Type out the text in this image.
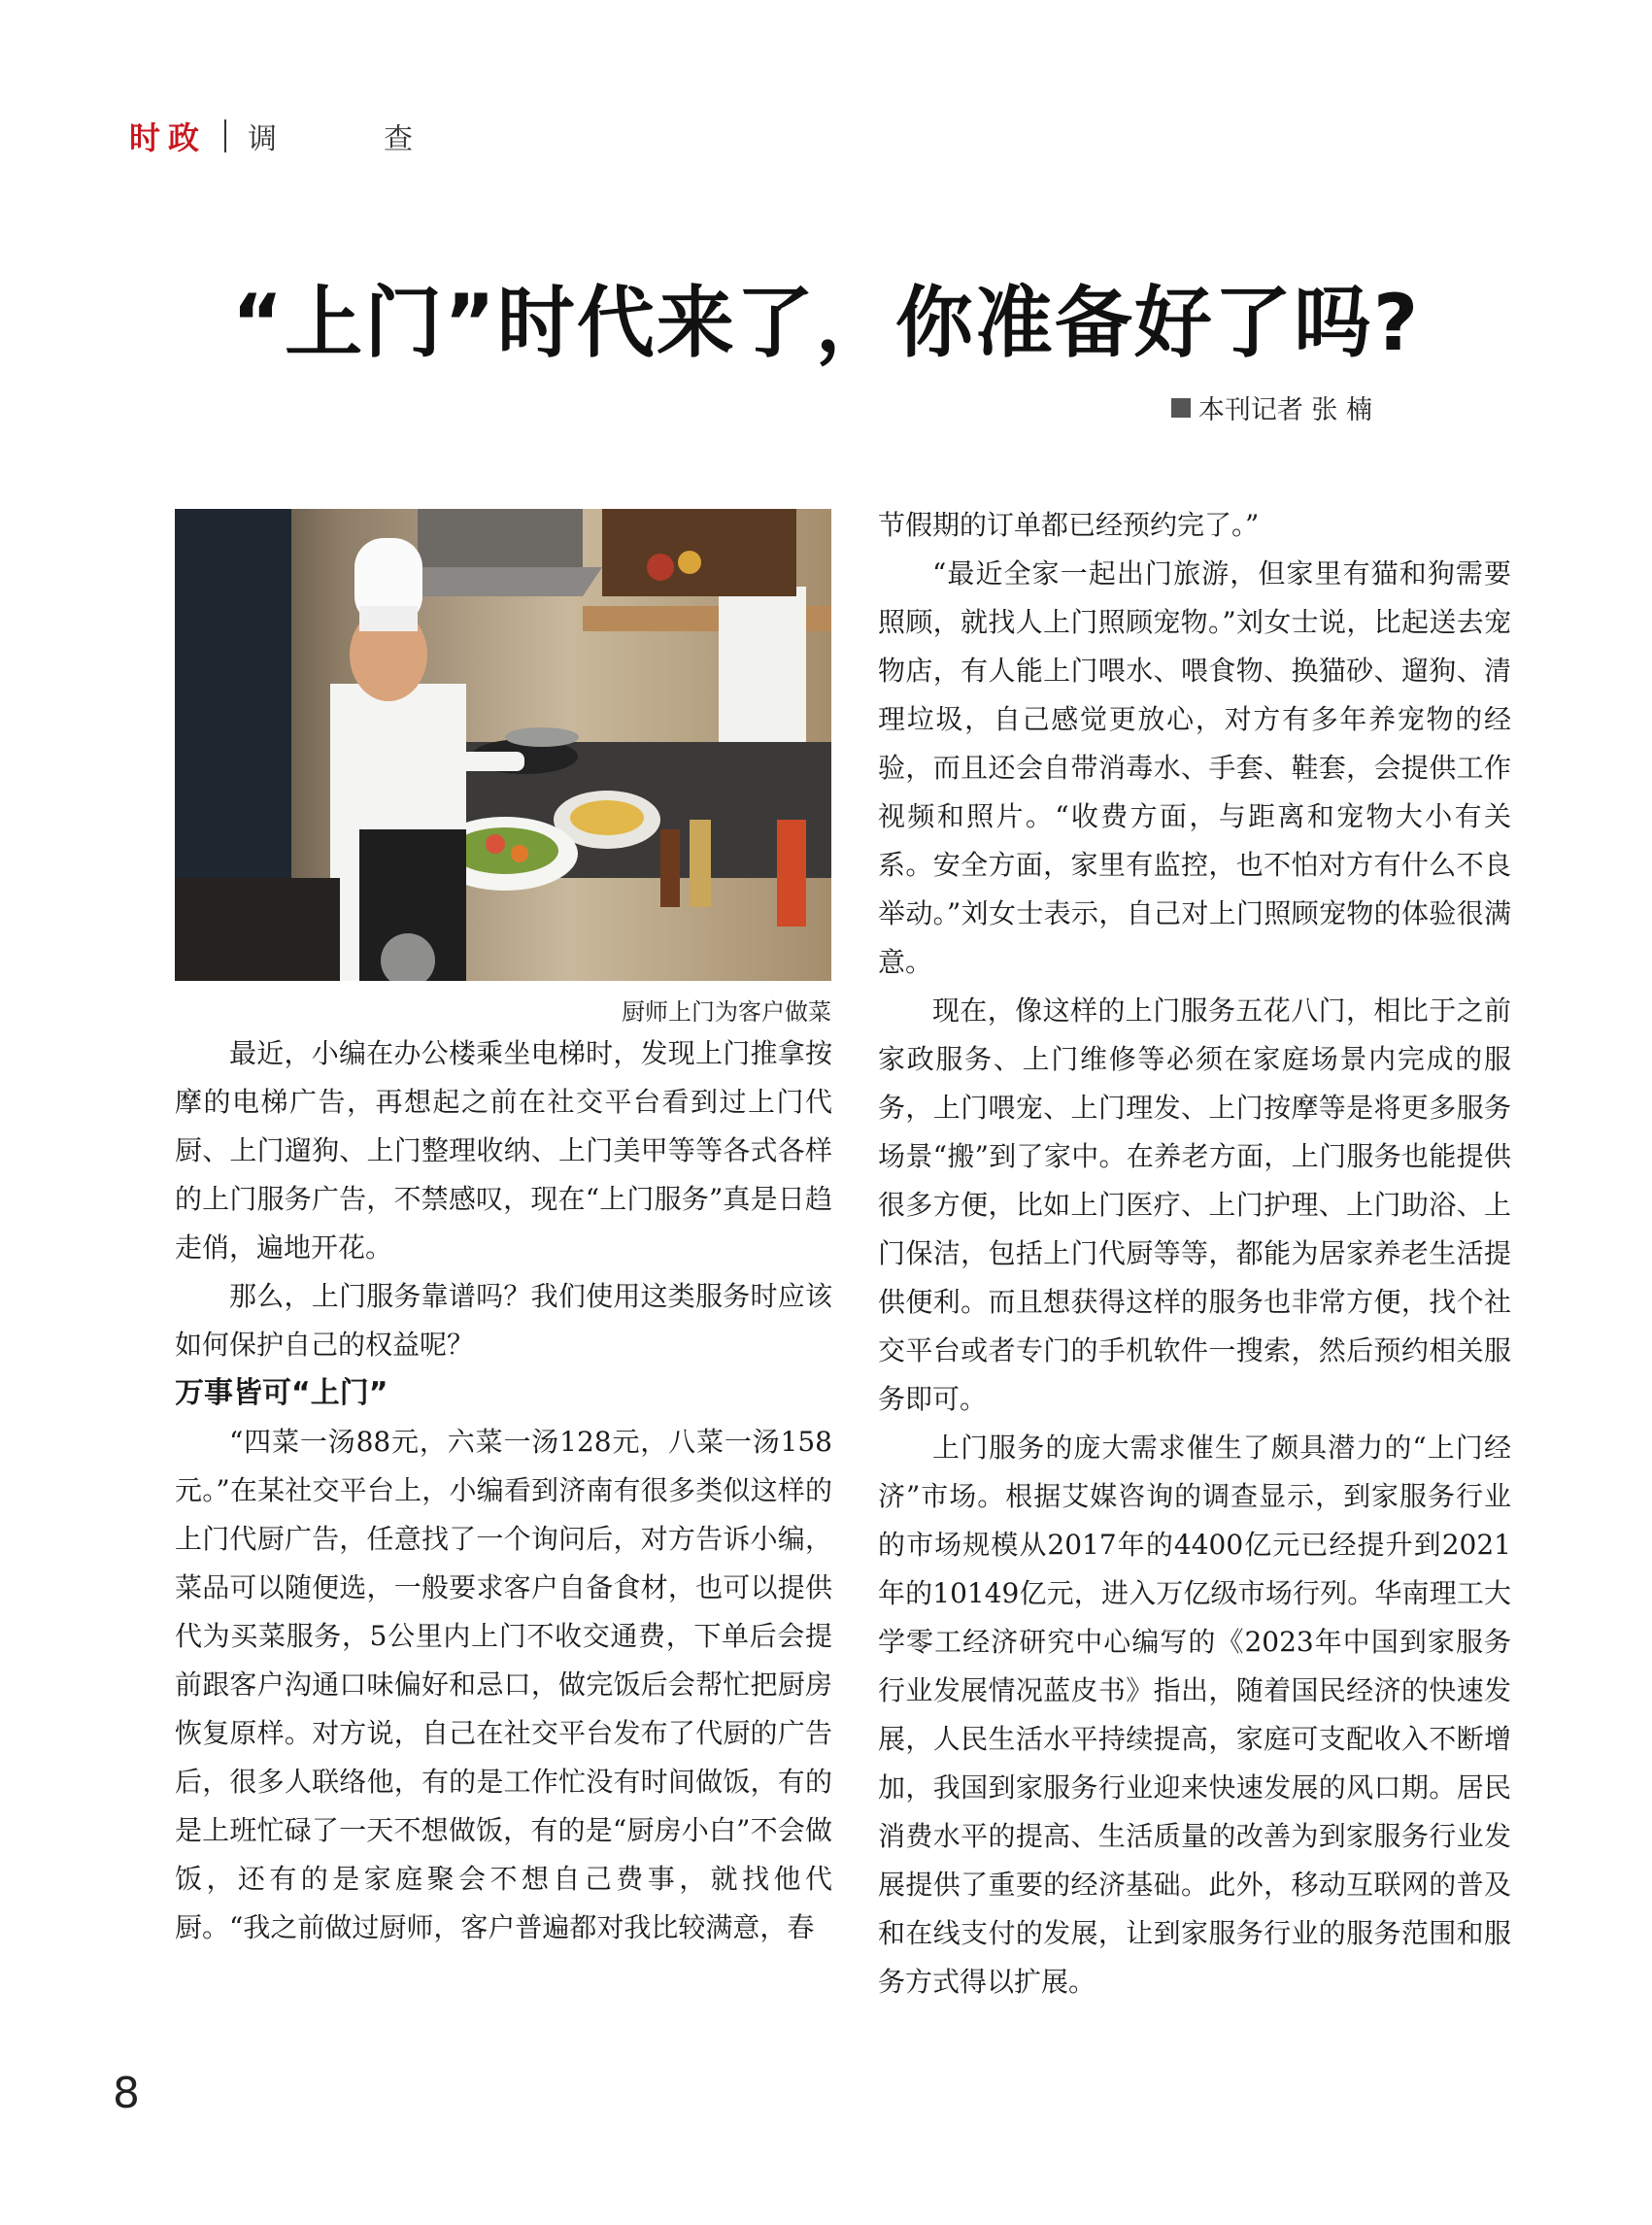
时政 调　查
“上门”时代来了，你准备好了吗?
本刊记者 张 楠
厨师上门为客户做菜

最近，小编在办公楼乘坐电梯时，发现上门推拿按摩的电梯广告，再想起之前在社交平台看到过上门代厨、上门遛狗、上门整理收纳、上门美甲等等各式各样的上门服务广告，不禁感叹，现在“上门服务”真是日趋走俏，遍地开花。

那么，上门服务靠谱吗？我们使用这类服务时应该如何保护自己的权益呢？

万事皆可“上门”

“四菜一汤88元，六菜一汤128元，八菜一汤158元。”在某社交平台上，小编看到济南有很多类似这样的上门代厨广告，任意找了一个询问后，对方告诉小编，菜品可以随便选，一般要求客户自备食材，也可以提供代为买菜服务，5公里内上门不收交通费，下单后会提前跟客户沟通口味偏好和忌口，做完饭后会帮忙把厨房恢复原样。对方说，自己在社交平台发布了代厨的广告后，很多人联络他，有的是工作忙没有时间做饭，有的是上班忙碌了一天不想做饭，有的是“厨房小白”不会做饭，还有的是家庭聚会不想自己费事，就找他代厨。“我之前做过厨师，客户普遍都对我比较满意，春

节假期的订单都已经预约完了。”

“最近全家一起出门旅游，但家里有猫和狗需要照顾，就找人上门照顾宠物。”刘女士说，比起送去宠物店，有人能上门喂水、喂食物、换猫砂、遛狗、清理垃圾，自己感觉更放心，对方有多年养宠物的经验，而且还会自带消毒水、手套、鞋套，会提供工作视频和照片。“收费方面，与距离和宠物大小有关系。安全方面，家里有监控，也不怕对方有什么不良举动。”刘女士表示，自己对上门照顾宠物的体验很满意。

现在，像这样的上门服务五花八门，相比于之前家政服务、上门维修等必须在家庭场景内完成的服务，上门喂宠、上门理发、上门按摩等是将更多服务场景“搬”到了家中。在养老方面，上门服务也能提供很多方便，比如上门医疗、上门护理、上门助浴、上门保洁，包括上门代厨等等，都能为居家养老生活提供便利。而且想获得这样的服务也非常方便，找个社交平台或者专门的手机软件一搜索，然后预约相关服务即可。

上门服务的庞大需求催生了颇具潜力的“上门经济”市场。根据艾媒咨询的调查显示，到家服务行业的市场规模从2017年的4400亿元已经提升到2021年的10149亿元，进入万亿级市场行列。华南理工大学零工经济研究中心编写的《2023年中国到家服务行业发展情况蓝皮书》指出，随着国民经济的快速发展，人民生活水平持续提高，家庭可支配收入不断增加，我国到家服务行业迎来快速发展的风口期。居民消费水平的提高、生活质量的改善为到家服务行业发展提供了重要的经济基础。此外，移动互联网的普及和在线支付的发展，让到家服务行业的服务范围和服务方式得以扩展。

8
